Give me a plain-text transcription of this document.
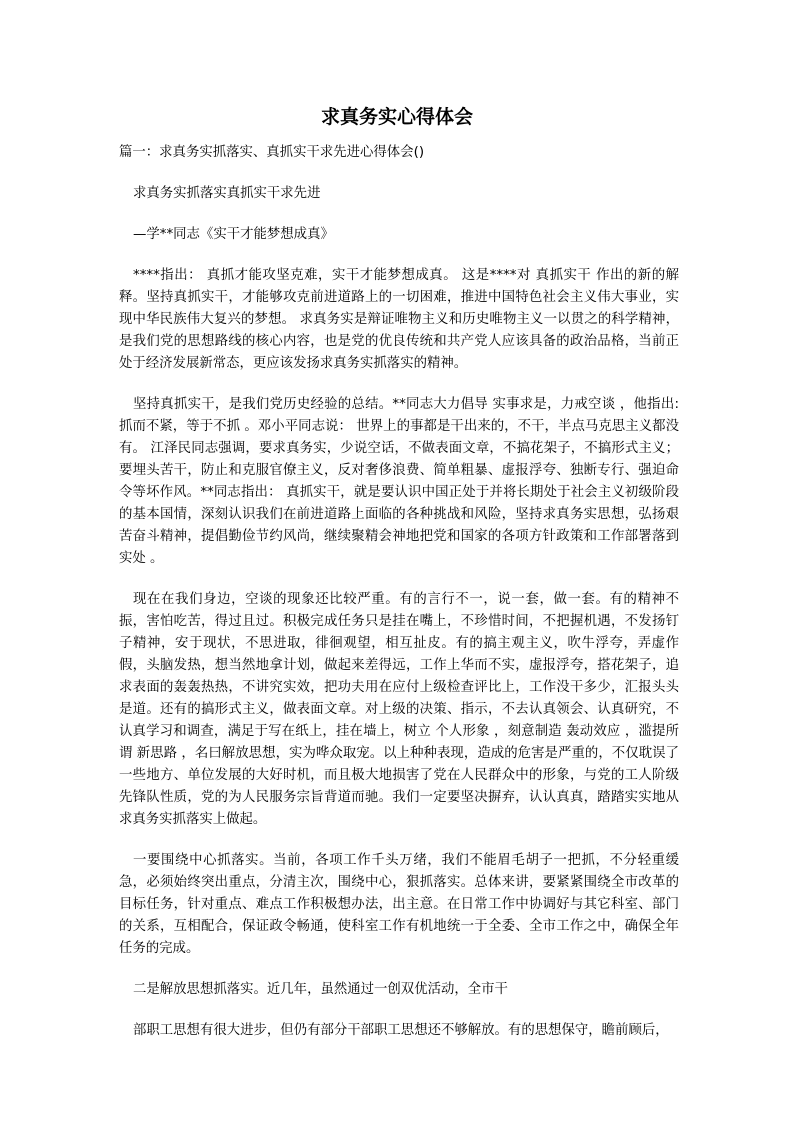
求真务实心得体会

篇一：求真务实抓落实、真抓实干求先进心得体会()

求真务实抓落实真抓实干求先进

—学**同志《实干才能梦想成真》

****指出： 真抓才能攻坚克难，实干才能梦想成真。 这是****对 真抓实干 作出的新的解释。坚持真抓实干，才能够攻克前进道路上的一切困难，推进中国特色社会主义伟大事业，实现中华民族伟大复兴的梦想。 求真务实是辩证唯物主义和历史唯物主义一以贯之的科学精神，是我们党的思想路线的核心内容，也是党的优良传统和共产党人应该具备的政治品格，当前正处于经济发展新常态，更应该发扬求真务实抓落实的精神。

坚持真抓实干，是我们党历史经验的总结。**同志大力倡导 实事求是，力戒空谈 ，他指出: 抓而不紧，等于不抓 。邓小平同志说： 世界上的事都是干出来的，不干，半点马克思主义都没有。 江泽民同志强调，要求真务实，少说空话，不做表面文章，不搞花架子，不搞形式主义；要埋头苦干，防止和克服官僚主义，反对奢侈浪费、简单粗暴、虚报浮夸、独断专行、强迫命令等坏作风。**同志指出： 真抓实干，就是要认识中国正处于并将长期处于社会主义初级阶段的基本国情，深刻认识我们在前进道路上面临的各种挑战和风险，坚持求真务实思想，弘扬艰苦奋斗精神，提倡勤俭节约风尚，继续聚精会神地把党和国家的各项方针政策和工作部署落到实处 。

现在在我们身边，空谈的现象还比较严重。有的言行不一，说一套，做一套。有的精神不振，害怕吃苦，得过且过。积极完成任务只是挂在嘴上，不珍惜时间，不把握机遇，不发扬钉子精神，安于现状，不思进取，徘徊观望，相互扯皮。有的搞主观主义，吹牛浮夸，弄虚作假，头脑发热，想当然地拿计划，做起来差得远，工作上华而不实，虚报浮夸，搭花架子，追求表面的轰轰热热，不讲究实效，把功夫用在应付上级检查评比上，工作没干多少，汇报头头是道。还有的搞形式主义，做表面文章。对上级的决策、指示，不去认真领会、认真研究，不认真学习和调查，满足于写在纸上，挂在墙上，树立 个人形象 ，刻意制造 轰动效应 ，滥提所谓 新思路 ，名曰解放思想，实为哗众取宠。以上种种表现，造成的危害是严重的，不仅耽误了一些地方、单位发展的大好时机，而且极大地损害了党在人民群众中的形象，与党的工人阶级先锋队性质，党的为人民服务宗旨背道而驰。我们一定要坚决摒弃，认认真真，踏踏实实地从求真务实抓落实上做起。

一要围绕中心抓落实。当前，各项工作千头万绪，我们不能眉毛胡子一把抓，不分轻重缓急，必须始终突出重点，分清主次，围绕中心，狠抓落实。总体来讲，要紧紧围绕全市改革的目标任务，针对重点、难点工作积极想办法，出主意。在日常工作中协调好与其它科室、部门的关系，互相配合，保证政令畅通，使科室工作有机地统一于全委、全市工作之中，确保全年任务的完成。

二是解放思想抓落实。近几年，虽然通过一创双优活动，全市干

部职工思想有很大进步，但仍有部分干部职工思想还不够解放。有的思想保守，瞻前顾后，
